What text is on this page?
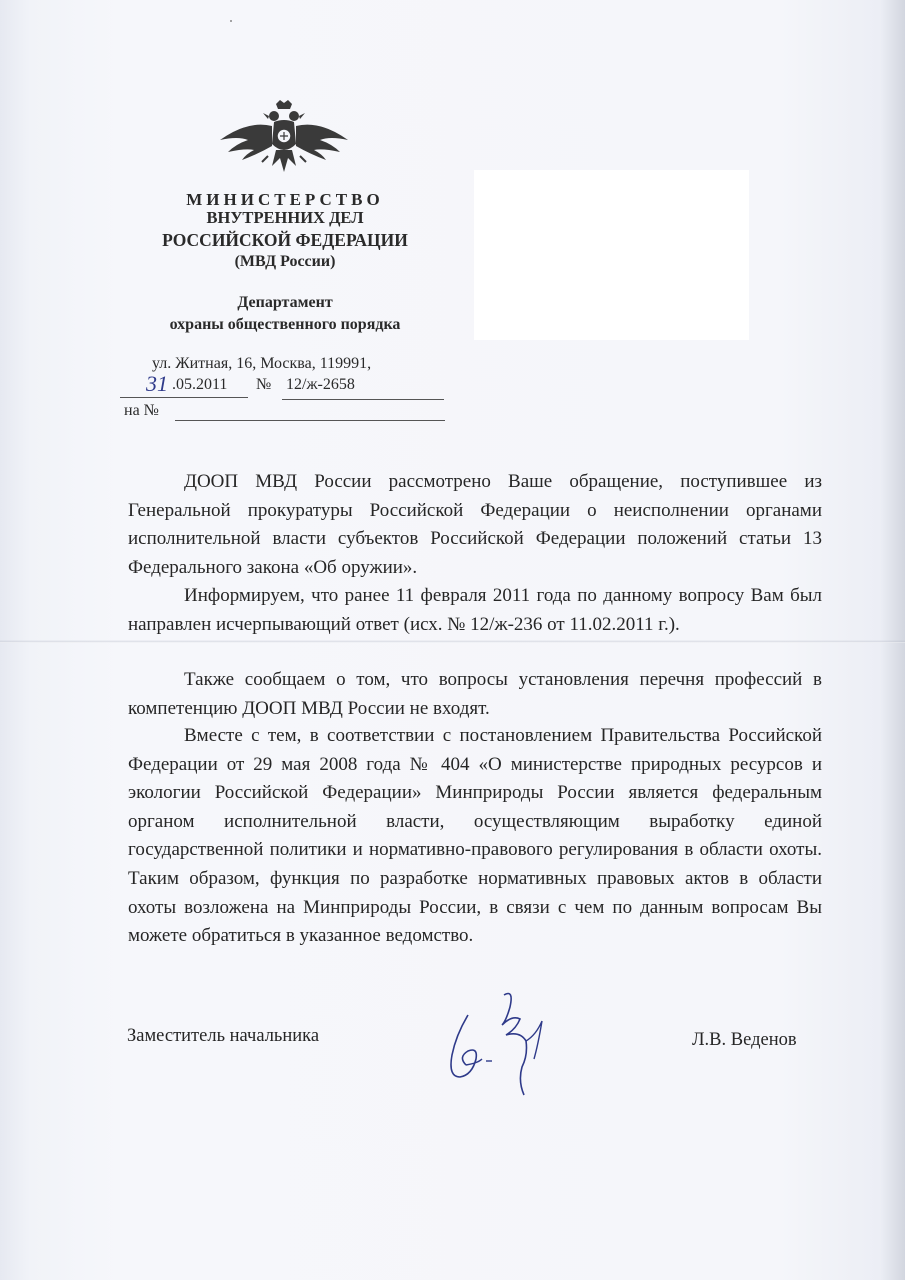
МИНИСТЕРСТВО
ВНУТРЕННИХ ДЕЛ
РОССИЙСКОЙ ФЕДЕРАЦИИ
(МВД России)
Департамент
охраны общественного порядка
ул. Житная, 16, Москва, 119991,
31 .05.2011 № 12/ж-2658
на №

ДООП МВД России рассмотрено Ваше обращение, поступившее из Генеральной прокуратуры Российской Федерации о неисполнении органами исполнительной власти субъектов Российской Федерации положений статьи 13 Федерального закона «Об оружии».

Информируем, что ранее 11 февраля 2011 года по данному вопросу Вам был направлен исчерпывающий ответ (исх. № 12/ж-236 от 11.02.2011 г.).

Также сообщаем о том, что вопросы установления перечня профессий в компетенцию ДООП МВД России не входят.

Вместе с тем, в соответствии с постановлением Правительства Российской Федерации от 29 мая 2008 года № 404 «О министерстве природных ресурсов и экологии Российской Федерации» Минприроды России является федеральным органом исполнительной власти, осуществляющим выработку единой государственной политики и нормативно-правового регулирования в области охоты. Таким образом, функция по разработке нормативных правовых актов в области охоты возложена на Минприроды России, в связи с чем по данным вопросам Вы можете обратиться в указанное ведомство.

Заместитель начальника	Л.В. Веденов
